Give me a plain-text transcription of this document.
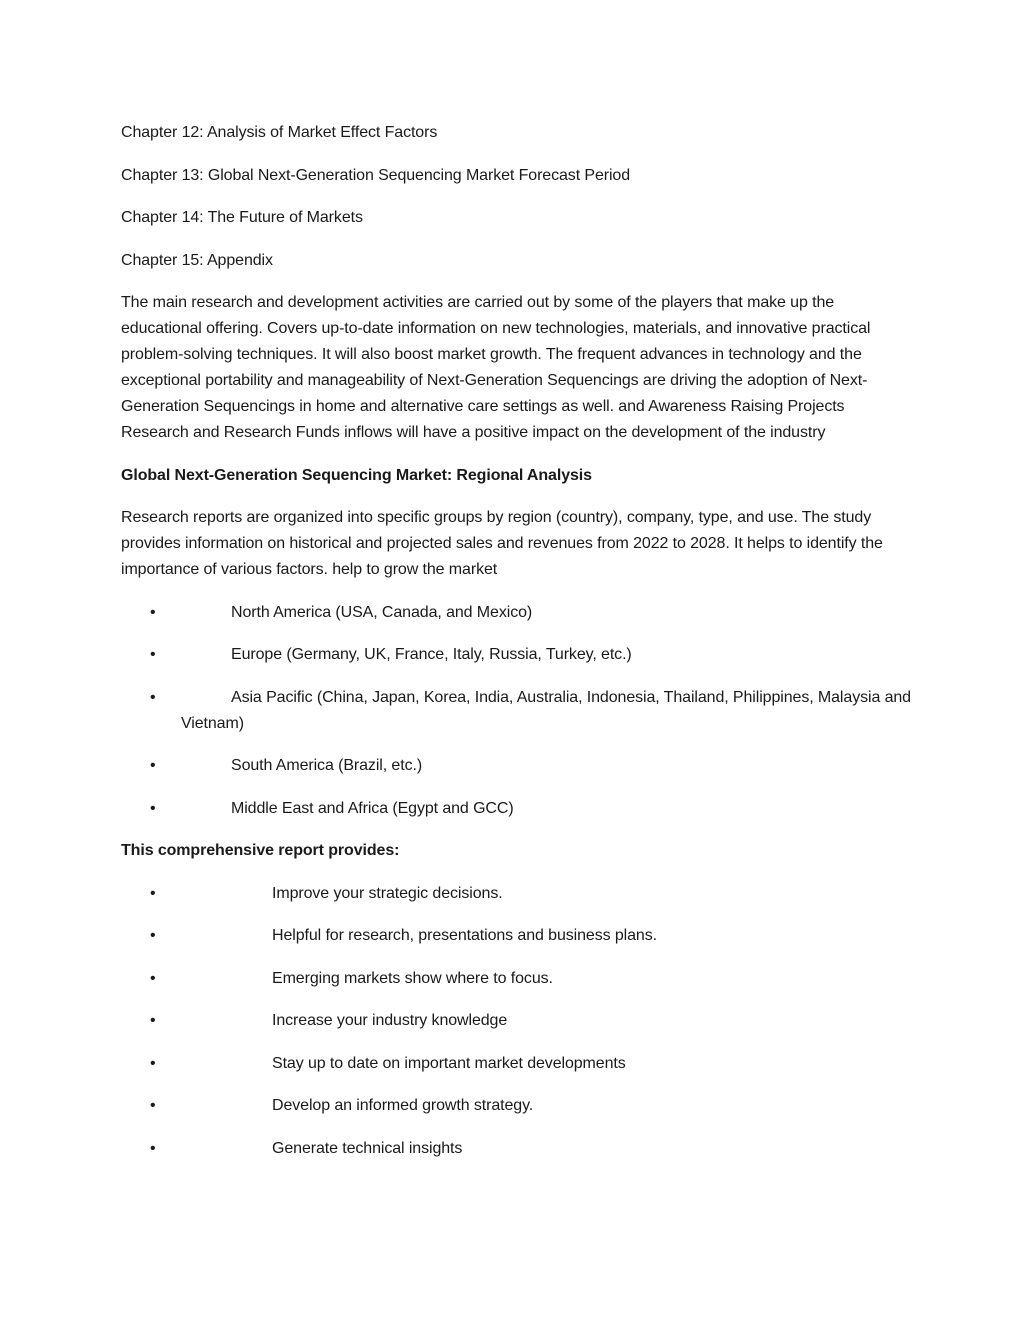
Chapter 12: Analysis of Market Effect Factors

Chapter 13: Global Next-Generation Sequencing Market Forecast Period

Chapter 14: The Future of Markets

Chapter 15: Appendix

The main research and development activities are carried out by some of the players that make up the educational offering. Covers up-to-date information on new technologies, materials, and innovative practical problem-solving techniques. It will also boost market growth. The frequent advances in technology and the exceptional portability and manageability of Next-Generation Sequencings are driving the adoption of Next-Generation Sequencings in home and alternative care settings as well. and Awareness Raising Projects Research and Research Funds inflows will have a positive impact on the development of the industry

Global Next-Generation Sequencing Market: Regional Analysis

Research reports are organized into specific groups by region (country), company, type, and use. The study provides information on historical and projected sales and revenues from 2022 to 2028. It helps to identify the importance of various factors. help to grow the market

•	North America (USA, Canada, and Mexico)
•	Europe (Germany, UK, France, Italy, Russia, Turkey, etc.)
•	Asia Pacific (China, Japan, Korea, India, Australia, Indonesia, Thailand, Philippines, Malaysia and Vietnam)
•	South America (Brazil, etc.)
•	Middle East and Africa (Egypt and GCC)

This comprehensive report provides:

•	Improve your strategic decisions.
•	Helpful for research, presentations and business plans.
•	Emerging markets show where to focus.
•	Increase your industry knowledge
•	Stay up to date on important market developments
•	Develop an informed growth strategy.
•	Generate technical insights
